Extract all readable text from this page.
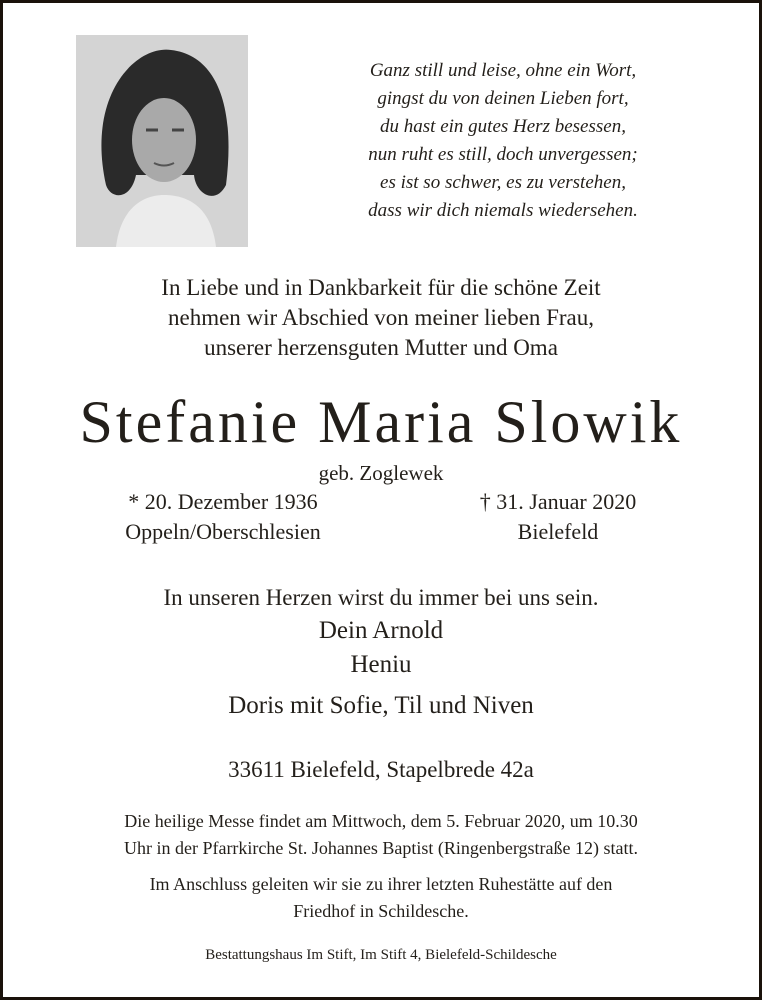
Ganz still und leise, ohne ein Wort,
gingst du von deinen Lieben fort,
du hast ein gutes Herz besessen,
nun ruht es still, doch unvergessen;
es ist so schwer, es zu verstehen,
dass wir dich niemals wiedersehen.
In Liebe und in Dankbarkeit für die schöne Zeit
nehmen wir Abschied von meiner lieben Frau,
unserer herzensguten Mutter und Oma
Stefanie Maria Slowik
geb. Zoglewek
* 20. Dezember 1936
Oppeln/Oberschlesien
† 31. Januar 2020
Bielefeld
In unseren Herzen wirst du immer bei uns sein.
Dein Arnold
Heniu
Doris mit Sofie, Til und Niven
33611 Bielefeld, Stapelbrede 42a
Die heilige Messe findet am Mittwoch, dem 5. Februar 2020, um 10.30
Uhr in der Pfarrkirche St. Johannes Baptist (Ringenbergstraße 12) statt.
Im Anschluss geleiten wir sie zu ihrer letzten Ruhestätte auf den
Friedhof in Schildesche.
Bestattungshaus Im Stift, Im Stift 4, Bielefeld-Schildesche
